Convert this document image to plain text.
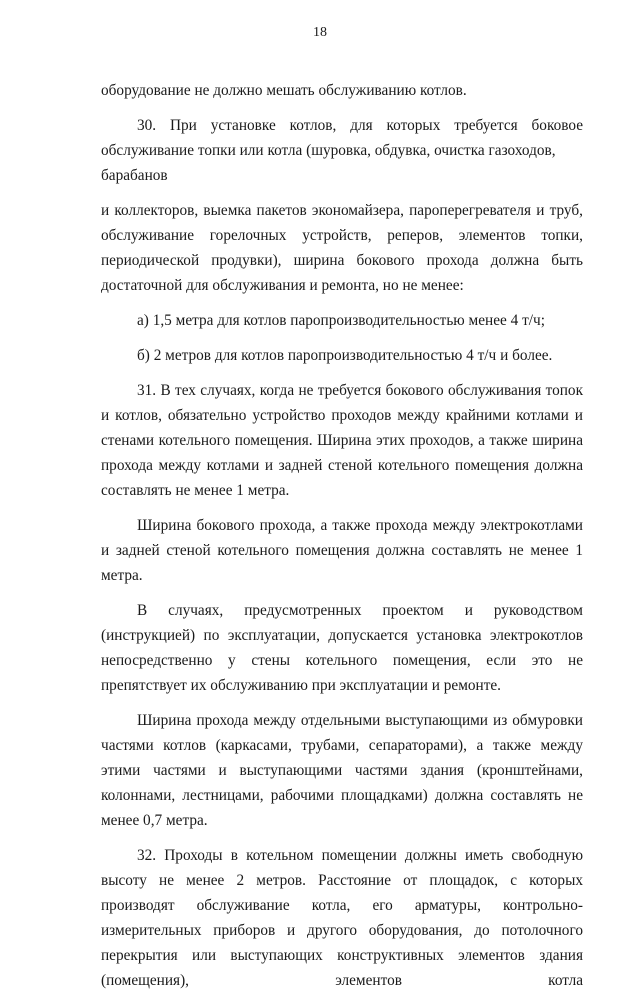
18

оборудование не должно мешать обслуживанию котлов.

30. При установке котлов, для которых требуется боковое обслуживание топки или котла (шуровка, обдувка, очистка газоходов,

барабанов

и коллекторов, выемка пакетов экономайзера, пароперегревателя и труб, обслуживание горелочных устройств, реперов, элементов топки, периодической продувки), ширина бокового прохода должна быть достаточной для обслуживания и ремонта, но не менее:

а) 1,5 метра для котлов паропроизводительностью менее 4 т/ч;

б) 2 метров для котлов паропроизводительностью 4 т/ч и более.

31. В тех случаях, когда не требуется бокового обслуживания топок и котлов, обязательно устройство проходов между крайними котлами и стенами котельного помещения. Ширина этих проходов, а также ширина прохода между котлами и задней стеной котельного помещения должна составлять не менее 1 метра.

Ширина бокового прохода, а также прохода между электрокотлами и задней стеной котельного помещения должна составлять не менее 1 метра.

В случаях, предусмотренных проектом и руководством (инструкцией) по эксплуатации, допускается установка электрокотлов непосредственно у стены котельного помещения, если это не препятствует их обслуживанию при эксплуатации и ремонте.

Ширина прохода между отдельными выступающими из обмуровки частями котлов (каркасами, трубами, сепараторами), а также между этими частями и выступающими частями здания (кронштейнами, колоннами, лестницами, рабочими площадками) должна составлять не менее 0,7 метра.

32. Проходы в котельном помещении должны иметь свободную высоту не менее 2 метров. Расстояние от площадок, с которых производят обслуживание котла, его арматуры, контрольно-измерительных приборов и другого оборудования, до потолочного перекрытия или выступающих конструктивных элементов здания (помещения), элементов котла
